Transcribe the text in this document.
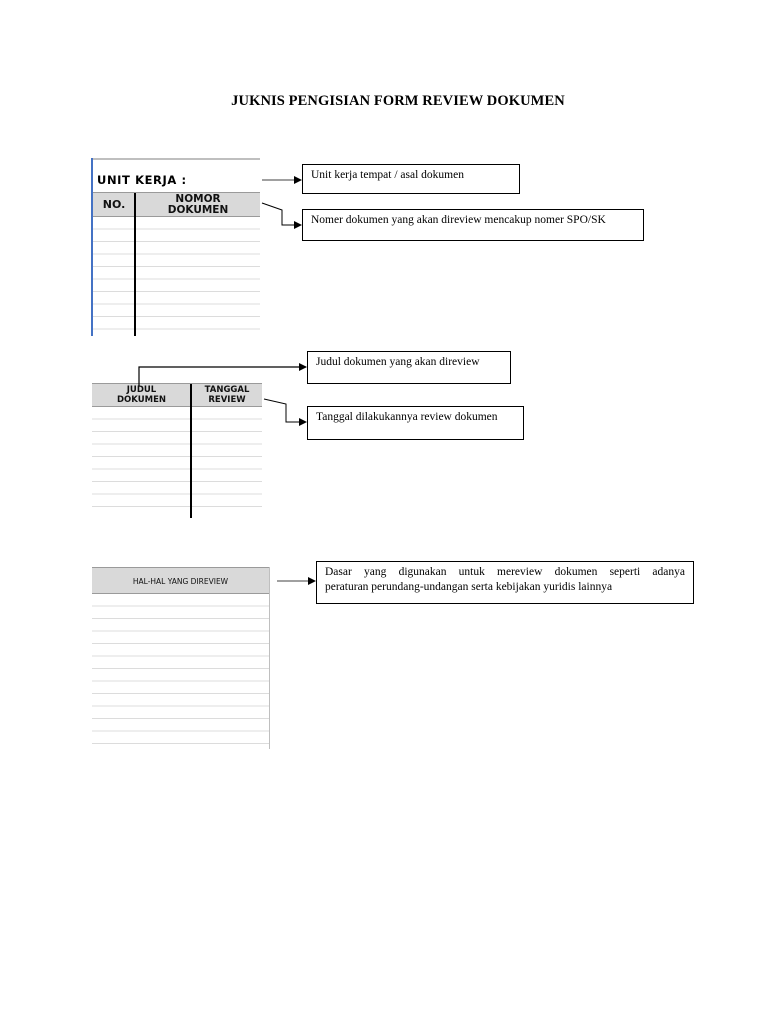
JUKNIS PENGISIAN FORM REVIEW DOKUMEN
UNIT KERJA :
NO.	NOMOR
DOKUMEN
JUDUL
DOKUMEN
TANGGAL
REVIEW
HAL-HAL YANG DIREVIEW
Unit kerja tempat / asal dokumen
Nomer dokumen yang akan direview mencakup nomer SPO/SK
Judul dokumen yang akan direview
Tanggal dilakukannya review dokumen
Dasar yang digunakan untuk mereview dokumen seperti adanya
peraturan perundang-undangan serta kebijakan yuridis lainnya
